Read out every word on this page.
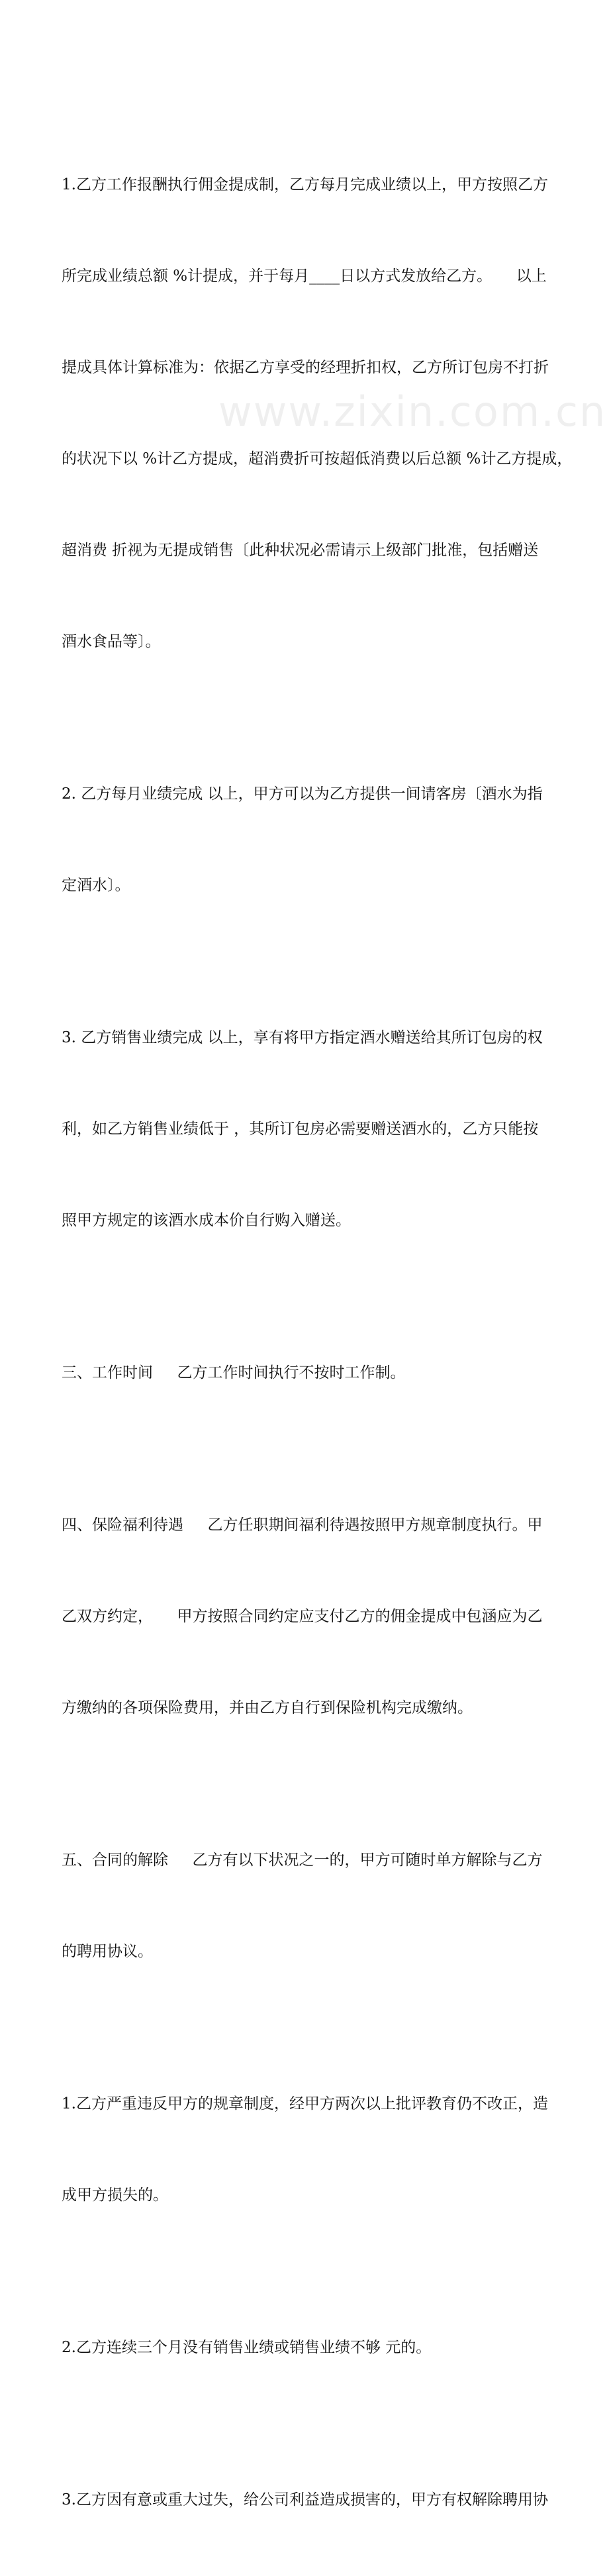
www.zixin.com.cn

1.乙方工作报酬执行佣金提成制，乙方每月完成业绩以上，甲方按照乙方

所完成业绩总额 %计提成，并于每月____日以方式发放给乙方。     以上

提成具体计算标准为：依据乙方享受的经理折扣权，乙方所订包房不打折

的状况下以 %计乙方提成，超消费折可按超低消费以后总额 %计乙方提成，

超消费 折视为无提成销售〔此种状况必需请示上级部门批准，包括赠送

酒水食品等〕。

2. 乙方每月业绩完成 以上，甲方可以为乙方提供一间请客房〔酒水为指

定酒水〕。

3. 乙方销售业绩完成 以上，享有将甲方指定酒水赠送给其所订包房的权

利，如乙方销售业绩低于 ，其所订包房必需要赠送酒水的，乙方只能按

照甲方规定的该酒水成本价自行购入赠送。

三、工作时间     乙方工作时间执行不按时工作制。

四、保险福利待遇     乙方任职期间福利待遇按照甲方规章制度执行。甲

乙双方约定，     甲方按照合同约定应支付乙方的佣金提成中包涵应为乙

方缴纳的各项保险费用，并由乙方自行到保险机构完成缴纳。

五、合同的解除     乙方有以下状况之一的，甲方可随时单方解除与乙方

的聘用协议。

1.乙方严重违反甲方的规章制度，经甲方两次以上批评教育仍不改正，造

成甲方损失的。

2.乙方连续三个月没有销售业绩或销售业绩不够 元的。

3.乙方因有意或重大过失，给公司利益造成损害的，甲方有权解除聘用协
